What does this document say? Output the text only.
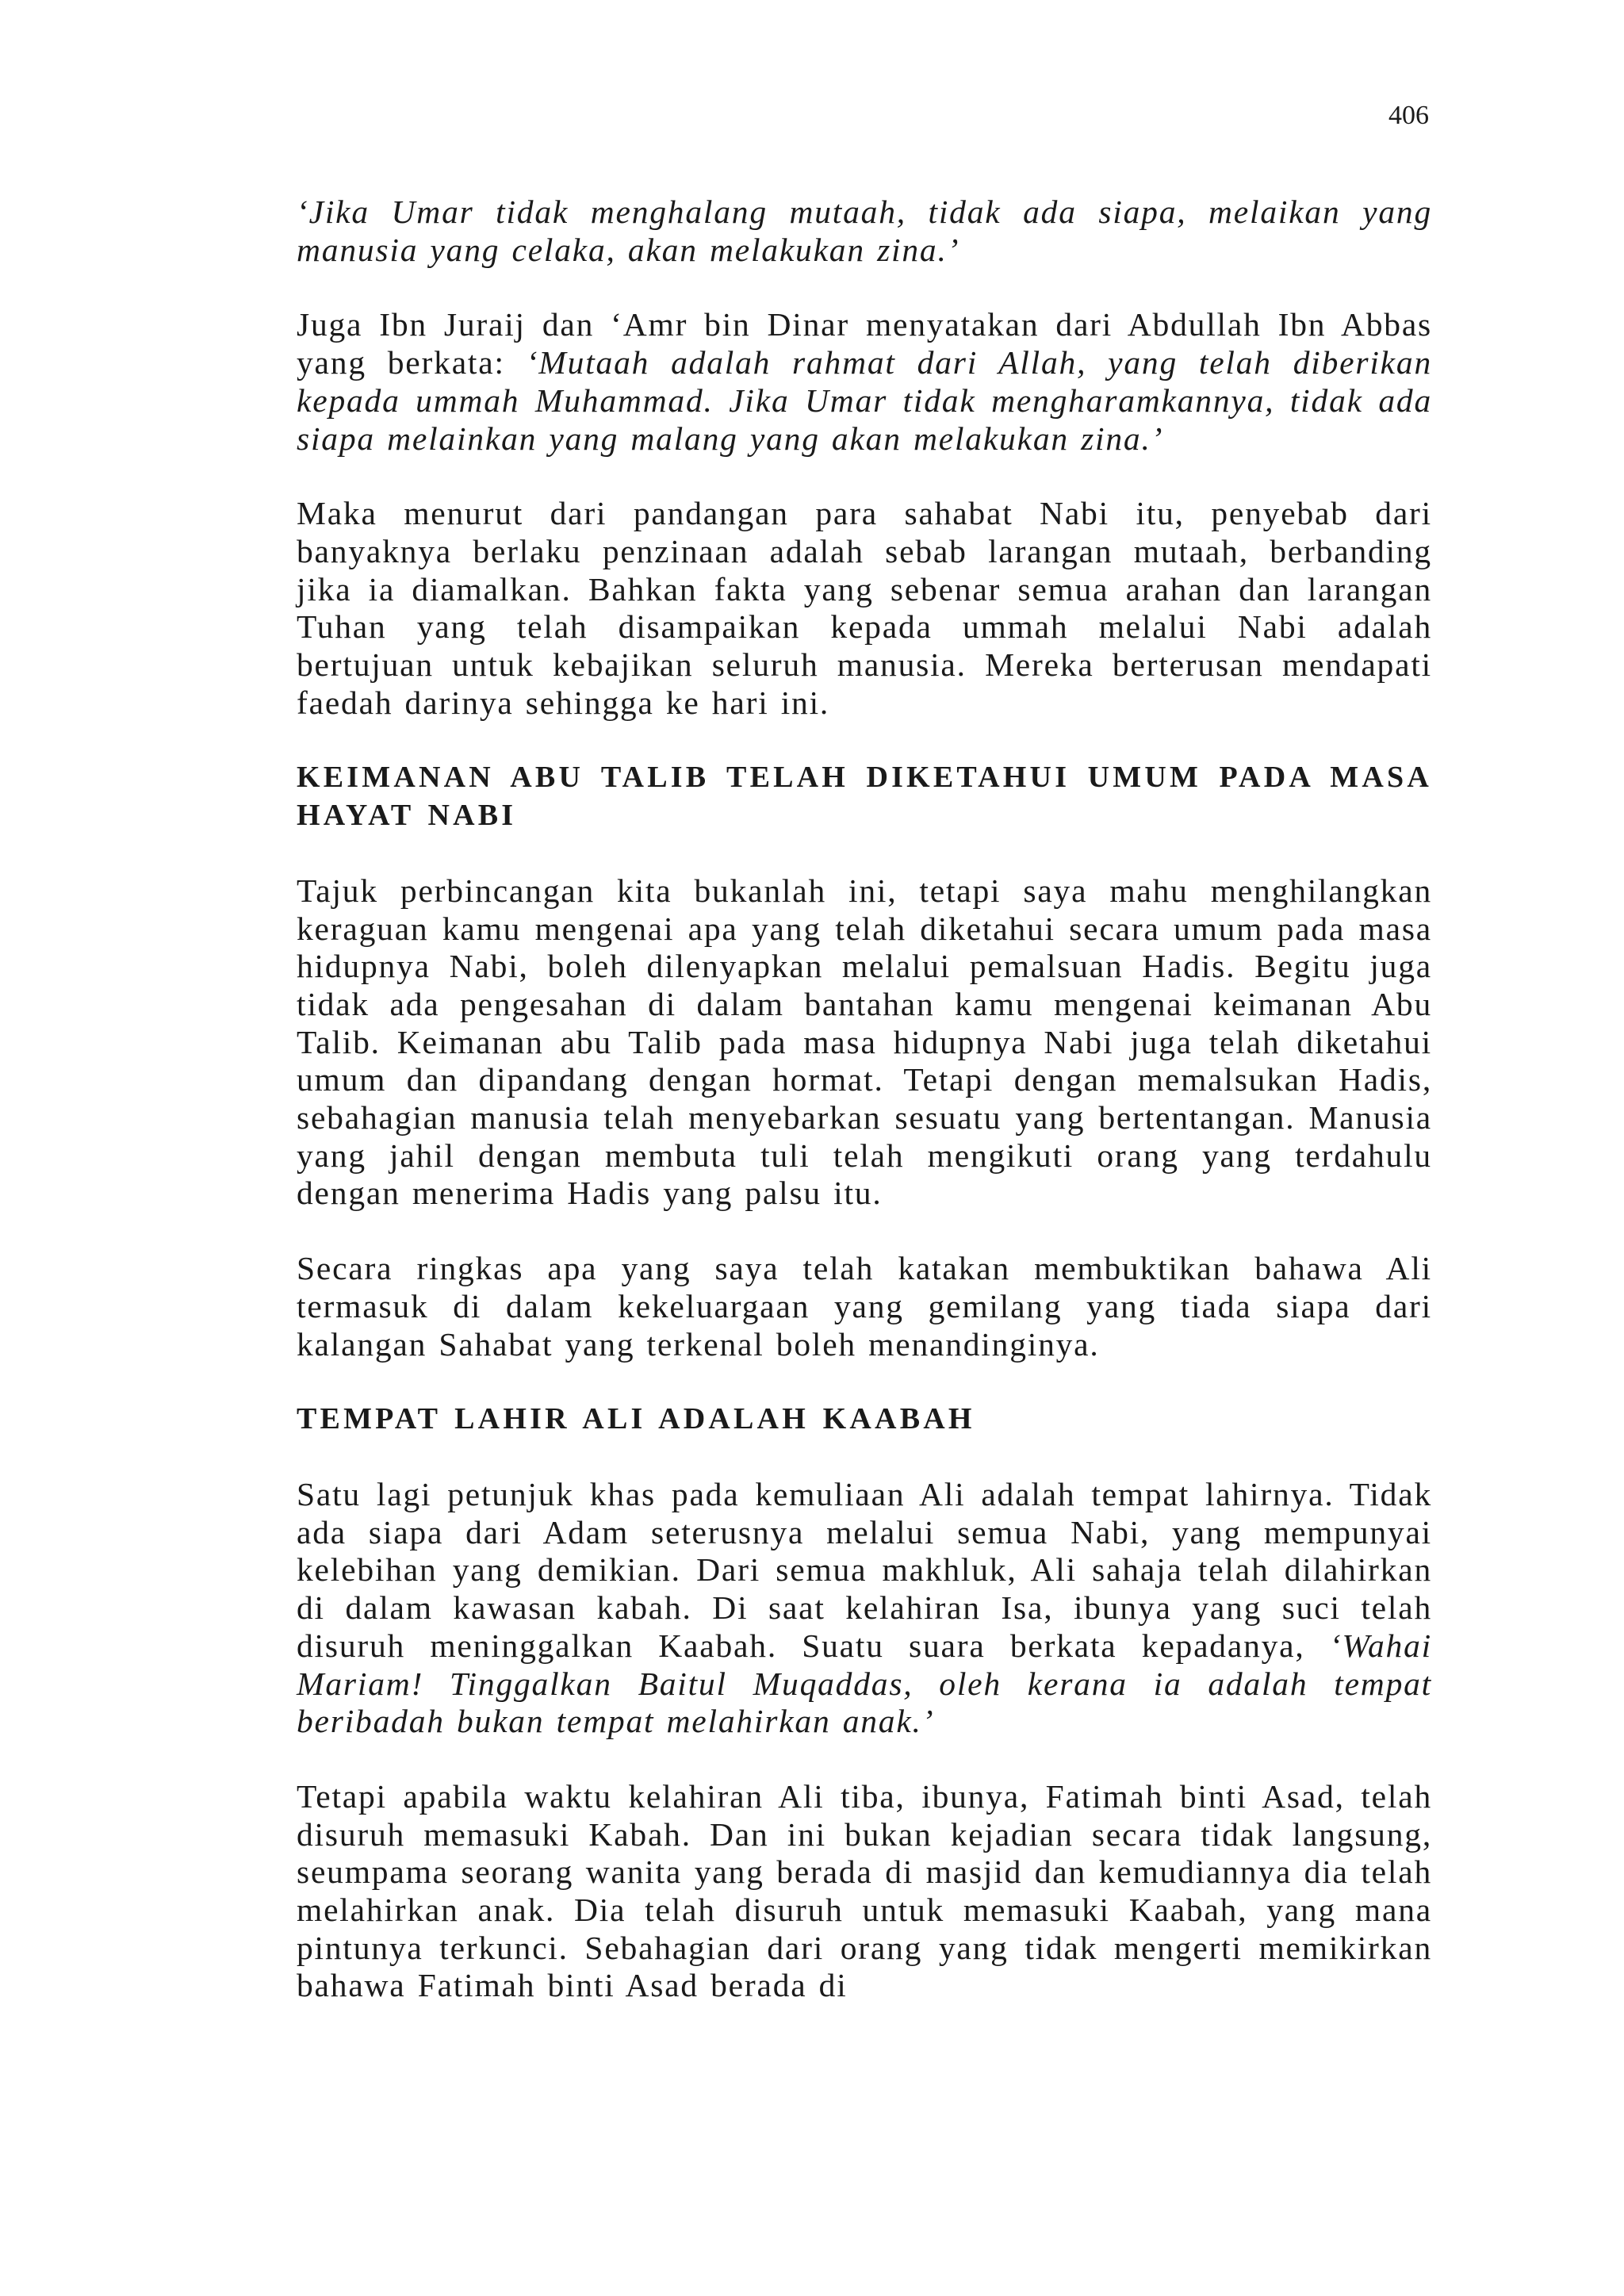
406

‘Jika Umar tidak menghalang mutaah, tidak ada siapa, melaikan yang manusia yang celaka, akan melakukan zina.’

Juga Ibn Juraij dan ‘Amr bin Dinar menyatakan dari Abdullah Ibn Abbas yang berkata: ‘Mutaah adalah rahmat dari Allah, yang telah diberikan kepada ummah Muhammad. Jika Umar tidak mengharamkannya, tidak ada siapa melainkan yang malang yang akan melakukan zina.’

Maka menurut dari pandangan para sahabat Nabi itu, penyebab dari banyaknya berlaku penzinaan adalah sebab larangan mutaah, berbanding jika ia diamalkan. Bahkan fakta yang sebenar semua arahan dan larangan Tuhan yang telah disampaikan kepada ummah melalui Nabi adalah bertujuan untuk kebajikan seluruh manusia. Mereka berterusan mendapati faedah darinya sehingga ke hari ini.

KEIMANAN ABU TALIB TELAH DIKETAHUI UMUM PADA MASA HAYAT NABI

Tajuk perbincangan kita bukanlah ini, tetapi saya mahu menghilangkan keraguan kamu mengenai apa yang telah diketahui secara umum pada masa hidupnya Nabi, boleh dilenyapkan melalui pemalsuan Hadis. Begitu juga tidak ada pengesahan di dalam bantahan kamu mengenai keimanan Abu Talib. Keimanan abu Talib pada masa hidupnya Nabi juga telah diketahui umum dan dipandang dengan hormat. Tetapi dengan memalsukan Hadis, sebahagian manusia telah menyebarkan sesuatu yang bertentangan. Manusia yang jahil dengan membuta tuli telah mengikuti orang yang terdahulu dengan menerima Hadis yang palsu itu.

Secara ringkas apa yang saya telah katakan membuktikan bahawa Ali termasuk di dalam kekeluargaan yang gemilang yang tiada siapa dari kalangan Sahabat yang terkenal boleh menandinginya.

TEMPAT LAHIR ALI ADALAH KAABAH

Satu lagi petunjuk khas pada kemuliaan Ali adalah tempat lahirnya. Tidak ada siapa dari Adam seterusnya melalui semua Nabi, yang mempunyai kelebihan yang demikian. Dari semua makhluk, Ali sahaja telah dilahirkan di dalam kawasan kabah. Di saat kelahiran Isa, ibunya yang suci telah disuruh meninggalkan Kaabah. Suatu suara berkata kepadanya, ‘Wahai Mariam! Tinggalkan Baitul Muqaddas, oleh kerana ia adalah tempat beribadah bukan tempat melahirkan anak.’

Tetapi apabila waktu kelahiran Ali tiba, ibunya, Fatimah binti Asad, telah disuruh memasuki Kabah. Dan ini bukan kejadian secara tidak langsung, seumpama seorang wanita yang berada di masjid dan kemudiannya dia telah melahirkan anak. Dia telah disuruh untuk memasuki Kaabah, yang mana pintunya terkunci. Sebahagian dari orang yang tidak mengerti memikirkan bahawa Fatimah binti Asad berada di
